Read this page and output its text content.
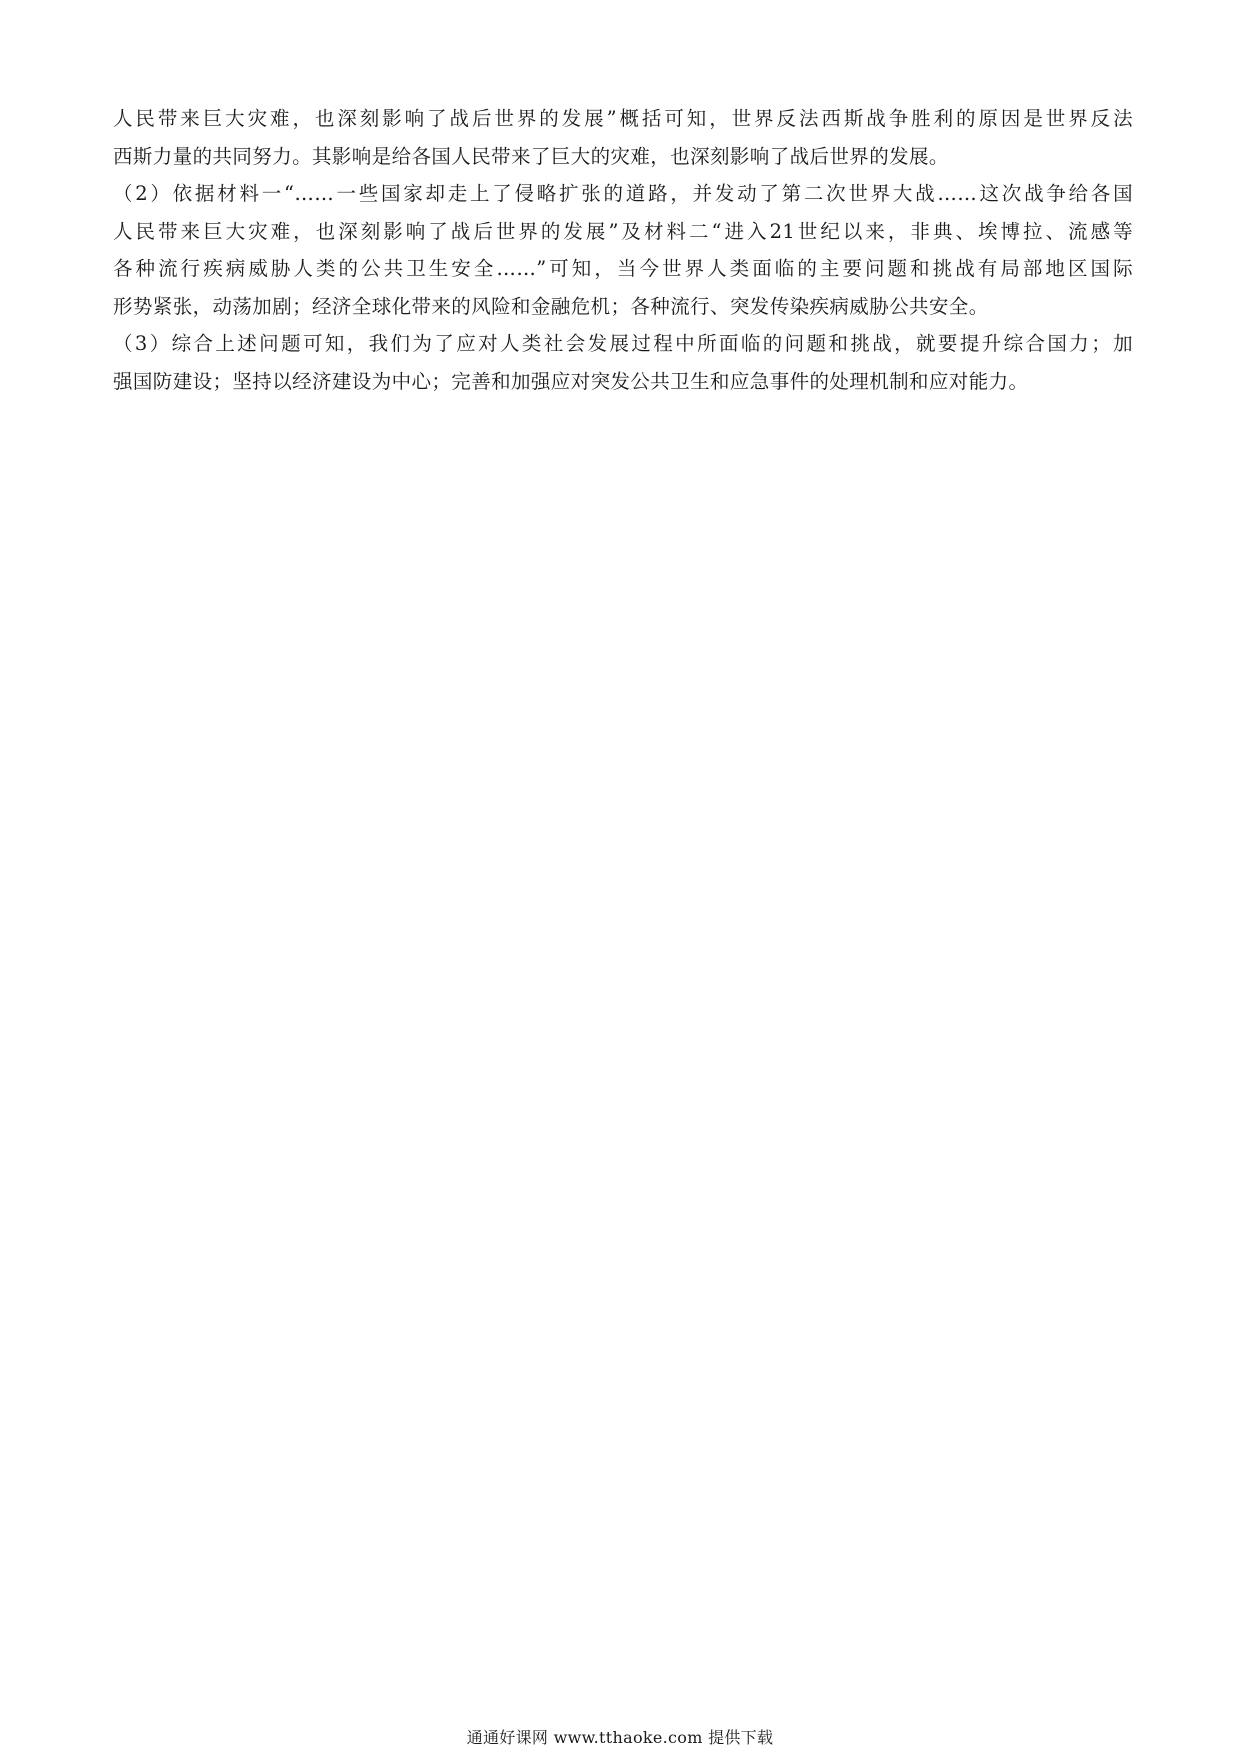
人民带来巨大灾难，也深刻影响了战后世界的发展”概括可知，世界反法西斯战争胜利的原因是世界反法
西斯力量的共同努力。其影响是给各国人民带来了巨大的灾难，也深刻影响了战后世界的发展。
（2）依据材料一“……一些国家却走上了侵略扩张的道路，并发动了第二次世界大战……这次战争给各国
人民带来巨大灾难，也深刻影响了战后世界的发展”及材料二“进入21世纪以来，非典、埃博拉、流感等
各种流行疾病威胁人类的公共卫生安全……”可知，当今世界人类面临的主要问题和挑战有局部地区国际
形势紧张，动荡加剧；经济全球化带来的风险和金融危机；各种流行、突发传染疾病威胁公共安全。
（3）综合上述问题可知，我们为了应对人类社会发展过程中所面临的问题和挑战，就要提升综合国力；加
强国防建设；坚持以经济建设为中心；完善和加强应对突发公共卫生和应急事件的处理机制和应对能力。
通通好课网 www.tthaoke.com 提供下载
